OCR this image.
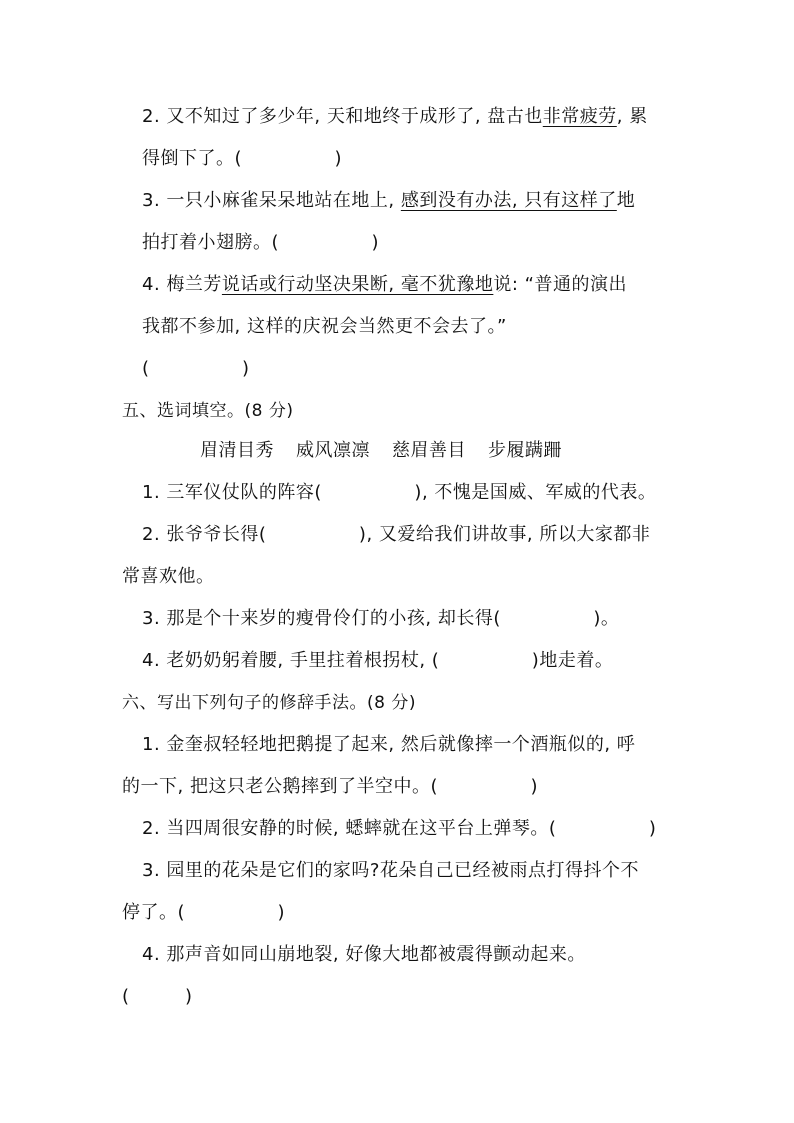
2. 又不知过了多少年, 天和地终于成形了, 盘古也非常疲劳, 累
得倒下了。(　　　　　)
3. 一只小麻雀呆呆地站在地上, 感到没有办法, 只有这样了地
拍打着小翅膀。(　　　　　)
4. 梅兰芳说话或行动坚决果断, 毫不犹豫地说: “普通的演出
我都不参加, 这样的庆祝会当然更不会去了。”
(　　　　　)
五、选词填空。(8 分)
眉清目秀 威风凛凛 慈眉善目 步履蹒跚
1. 三军仪仗队的阵容(　　　　　), 不愧是国威、军威的代表。
2. 张爷爷长得(　　　　　), 又爱给我们讲故事, 所以大家都非
常喜欢他。
3. 那是个十来岁的瘦骨伶仃的小孩, 却长得(　　　　　)。
4. 老奶奶躬着腰, 手里拄着根拐杖, (　　　　　)地走着。
六、写出下列句子的修辞手法。(8 分)
1. 金奎叔轻轻地把鹅提了起来, 然后就像摔一个酒瓶似的, 呼
的一下, 把这只老公鹅摔到了半空中。(　　　　　)
2. 当四周很安静的时候, 蟋蟀就在这平台上弹琴。(　　　　　)
3. 园里的花朵是它们的家吗?花朵自己已经被雨点打得抖个不
停了。(　　　　　)
4. 那声音如同山崩地裂, 好像大地都被震得颤动起来。
(　　　)
